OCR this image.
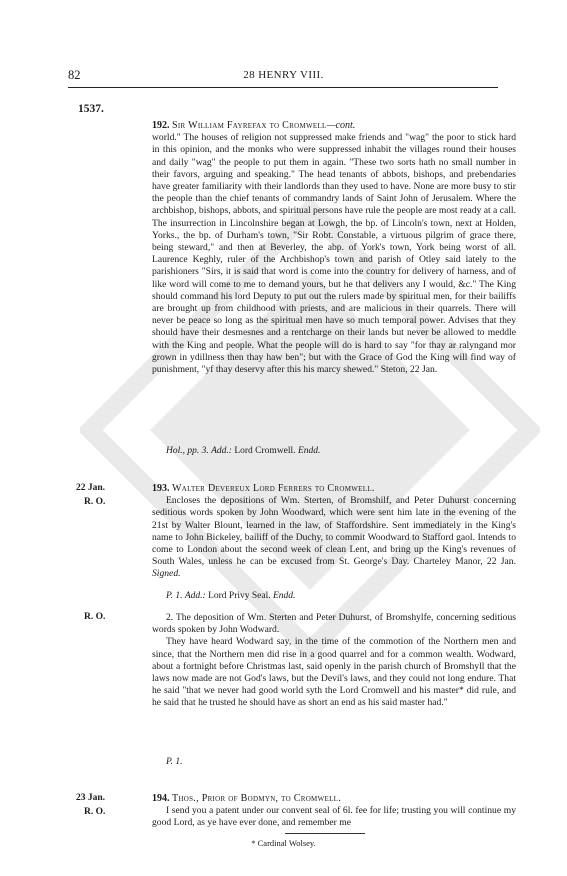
82	28 HENRY VIII.
1537.
192. Sir William Fayrefax to Cromwell—cont.
world." The houses of religion not suppressed make friends and "wag" the poor to stick hard in this opinion, and the monks who were suppressed inhabit the villages round their houses and daily "wag" the people to put them in again. "These two sorts hath no small number in their favors, arguing and speaking." The head tenants of abbots, bishops, and prebendaries have greater familiarity with their landlords than they used to have. None are more busy to stir the people than the chief tenants of commandry lands of Saint John of Jerusalem. Where the archbishop, bishops, abbots, and spiritual persons have rule the people are most ready at a call. The insurrection in Lincolnshire began at Lowgh, the bp. of Lincoln's town, next at Holden, Yorks., the bp. of Durham's town, "Sir Robt. Constable, a virtuous pilgrim of grace there, being steward," and then at Beverley, the abp. of York's town, York being worst of all. Laurence Keghly, ruler of the Archbishop's town and parish of Otley said lately to the parishioners "Sirs, it is said that word is come into the country for delivery of harness, and of like word will come to me to demand yours, but he that delivers any I would, &c." The King should command his lord Deputy to put out the rulers made by spiritual men, for their bailiffs are brought up from childhood with priests, and are malicious in their quarrels. There will never be peace so long as the spiritual men have so much temporal power. Advises that they should have their desmesnes and a rentcharge on their lands but never be allowed to meddle with the King and people. What the people will do is hard to say "for thay ar ralyngand mor grown in ydillness then thay haw ben"; but with the Grace of God the King will find way of punishment, "yf thay deservy after this his marcy shewed." Steton, 22 Jan.
Hol., pp. 3. Add.: Lord Cromwell. Endd.
22 Jan.
R. O.
193. Walter Devereux Lord Ferrers to Cromwell.
Encloses the depositions of Wm. Sterten, of Bromshilf, and Peter Duhurst concerning seditious words spoken by John Woodward, which were sent him late in the evening of the 21st by Walter Blount, learned in the law, of Staffordshire. Sent immediately in the King's name to John Bickeley, bailiff of the Duchy, to commit Woodward to Stafford gaol. Intends to come to London about the second week of clean Lent, and bring up the King's revenues of South Wales, unless he can be excused from St. George's Day. Charteley Manor, 22 Jan. Signed.
P. 1. Add.: Lord Privy Seal. Endd.
R. O.	2. The deposition of Wm. Sterten and Peter Duhurst, of Bromshylfe, concerning seditious words spoken by John Wodward.
They have heard Wodward say, in the time of the commotion of the Northern men and since, that the Northern men did rise in a good quarrel and for a common wealth. Wodward, about a fortnight before Christmas last, said openly in the parish church of Bromshyll that the laws now made are not God's laws, but the Devil's laws, and they could not long endure. That he said "that we never had good world syth the Lord Cromwell and his master* did rule, and he said that he trusted he should have as short an end as his said master had."
P. 1.
23 Jan.
R. O.
194. Thos., Prior of Bodmyn, to Cromwell.
I send you a patent under our convent seal of 6l. fee for life; trusting you will continue my good Lord, as ye have ever done, and remember me
* Cardinal Wolsey.
